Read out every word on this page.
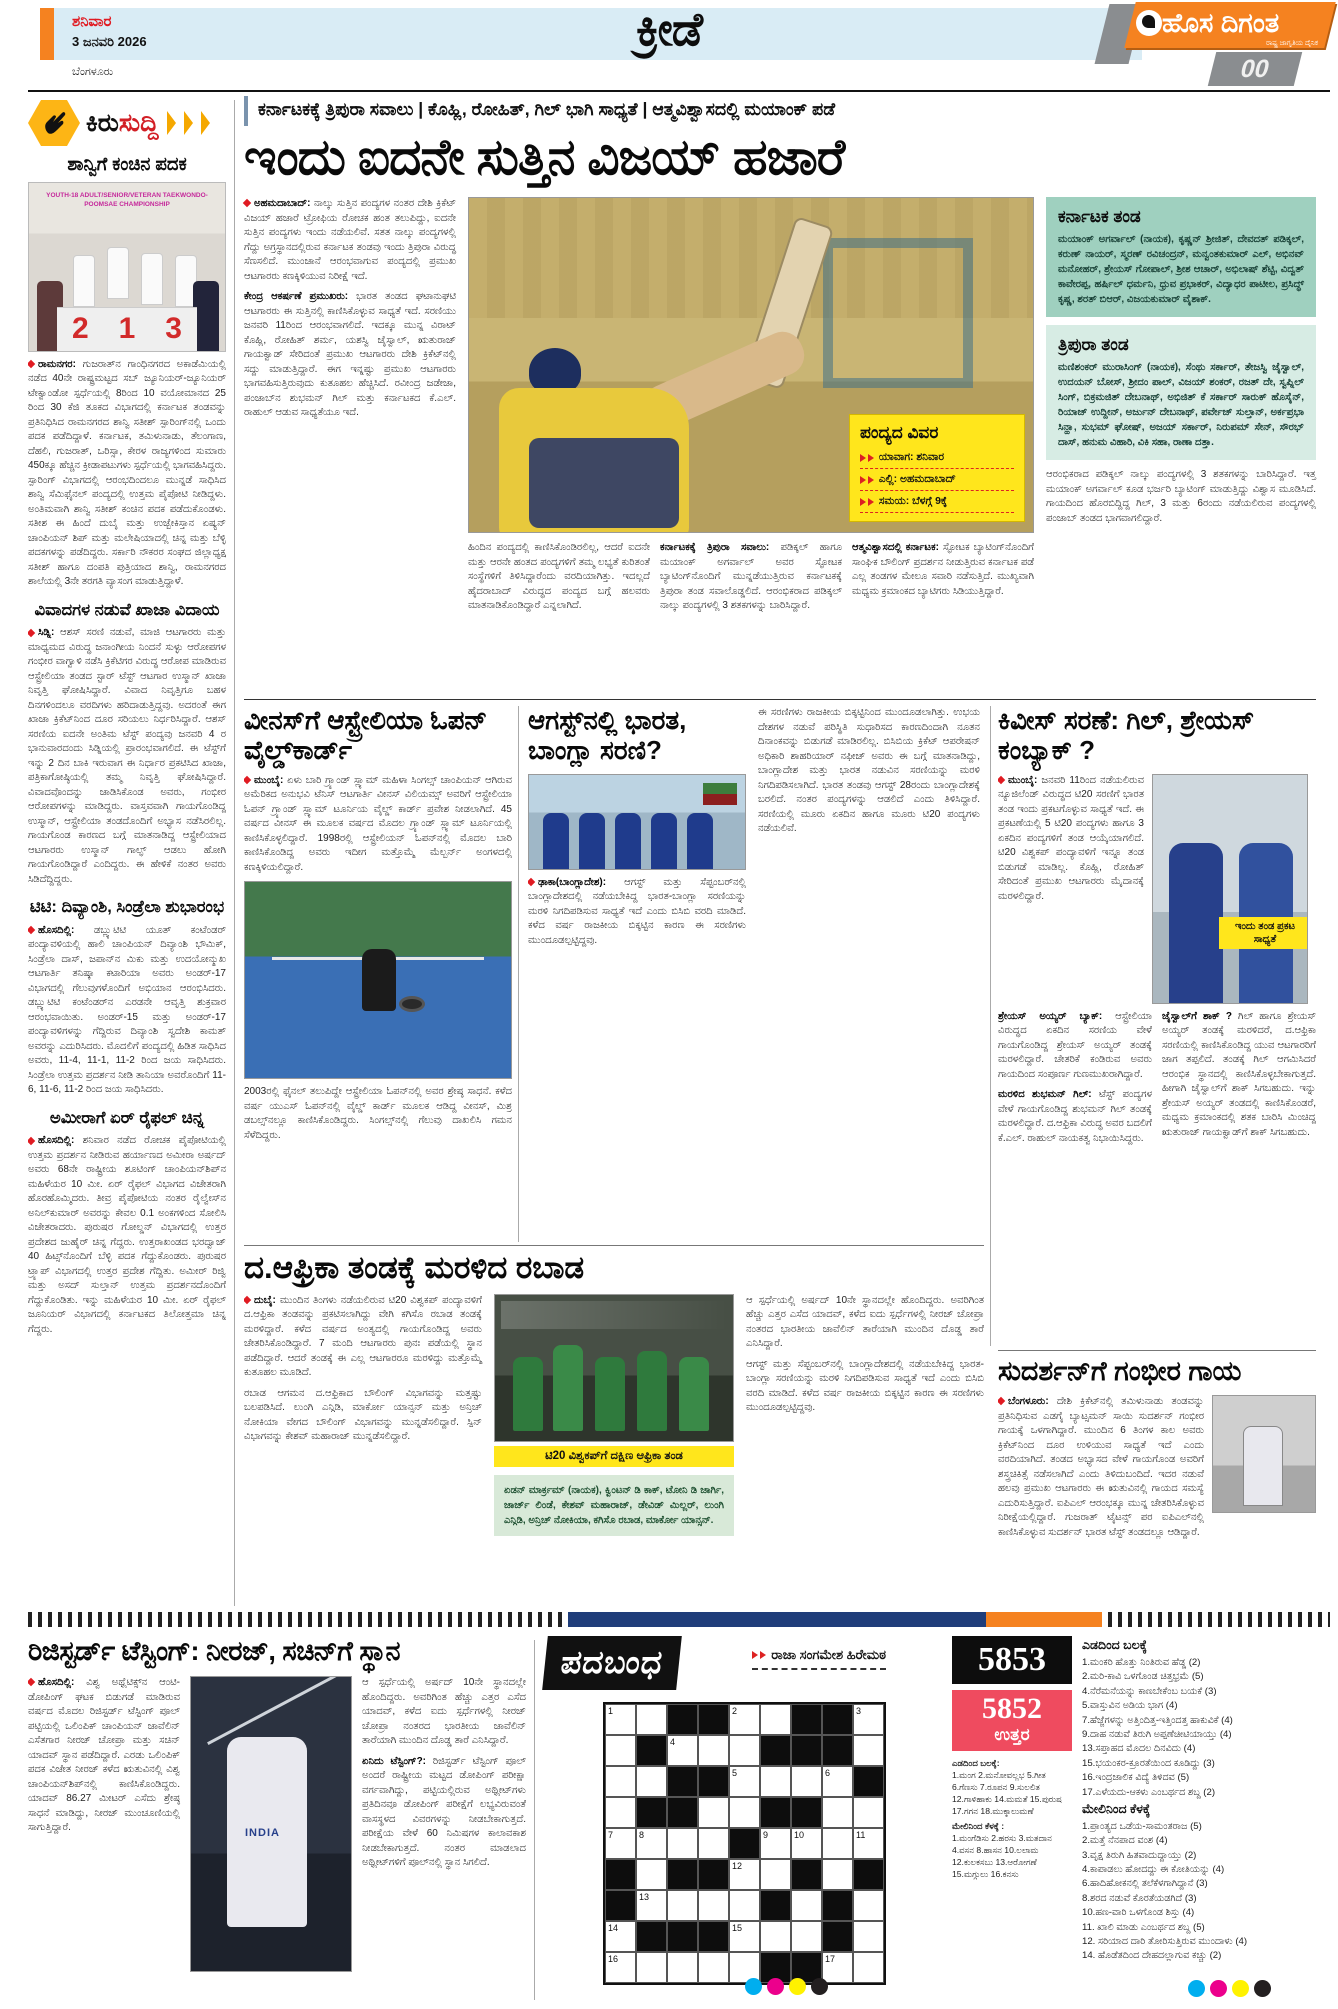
ಶನಿವಾರ
3 ಜನವರಿ 2026
ಬೆಂಗಳೂರು
ಕ್ರೀಡೆ	ಹೊಸ ದಿಗಂತ
ರಾಷ್ಟ್ರ ಜಾಗೃತಿಯ ದೈನಿಕ
00
ಕಿರುಸುದ್ದಿ
ಶಾನ್ವಿಗೆ ಕಂಚಿನ ಪದಕ
YOUTH-18 ADULT/SENIOR/VETERAN TAEKWONDO-POOMSAE CHAMPIONSHIP
2 1 3

ರಾಮನಗರ: ಗುಜರಾತ್‌ನ ಗಾಂಧಿನಗರದ ಅಕಾಡೆಮಿಯಲ್ಲಿ ನಡೆದ 40ನೇ ರಾಷ್ಟ್ರಮಟ್ಟದ ಸಬ್ ಜ್ಯೂನಿಯರ್-ಜ್ಯೂನಿಯರ್ ಟೇಕ್ವಾಂಡೋ ಸ್ಪರ್ಧೆಯಲ್ಲಿ 8ರಿಂದ 10 ವಯೋಮಾನದ 25 ರಿಂದ 30 ಕೆಜಿ ತೂಕದ ವಿಭಾಗದಲ್ಲಿ ಕರ್ನಾಟಕ ತಂಡವನ್ನು ಪ್ರತಿನಿಧಿಸಿದ ರಾಮನಗರದ ಶಾನ್ವಿ ಸತೀಶ್ ಸ್ಪಾರಿಂಗ್‌ನಲ್ಲಿ ಒಂದು ಪದಕ ಪಡೆದಿದ್ದಾಳೆ. ಕರ್ನಾಟಕ, ತಮಿಳುನಾಡು, ತೆಲಂಗಾಣ, ದೆಹಲಿ, ಗುಜರಾತ್, ಒರಿಸ್ಸಾ, ಕೇರಳ ರಾಜ್ಯಗಳಿಂದ ಸುಮಾರು 450ಕ್ಕೂ ಹೆಚ್ಚಿನ ಕ್ರೀಡಾಪಟುಗಳು ಸ್ಪರ್ಧೆಯಲ್ಲಿ ಭಾಗವಹಿಸಿದ್ದರು. ಸ್ಪಾರಿಂಗ್ ವಿಭಾಗದಲ್ಲಿ ಆರಂಭದಿಂದಲೂ ಮುನ್ನಡೆ ಸಾಧಿಸಿದ ಶಾನ್ವಿ ಸೆಮಿಫೈನಲ್ ಪಂದ್ಯದಲ್ಲಿ ಉತ್ತಮ ಪೈಪೋಟಿ ನೀಡಿದ್ದಳು. ಅಂತಿಮವಾಗಿ ಶಾನ್ವಿ ಸತೀಶ್ ಕಂಚಿನ ಪದಕ ಪಡೆದುಕೊಂಡಳು. ಸತೀಶ ಈ ಹಿಂದೆ ದುಬೈ ಮತ್ತು ಉಜ್ಬೇಕಿಸ್ತಾನ ಏಷ್ಯನ್ ಚಾಂಪಿಯನ್ ಶಿಪ್ ಮತ್ತು ಮಲೇಷಿಯಾದಲ್ಲಿ ಚಿನ್ನ ಮತ್ತು ಬೆಳ್ಳಿ ಪದಕಗಳನ್ನು ಪಡೆದಿದ್ದರು. ಸರ್ಕಾರಿ ನೌಕರರ ಸಂಘದ ಜಿಲ್ಲಾಧ್ಯಕ್ಷ ಸತೀಶ್ ಹಾಗೂ ದಂಪತಿ ಪುತ್ರಿಯಾದ ಶಾನ್ವಿ, ರಾಮನಗರದ ಶಾಲೆಯಲ್ಲಿ 3ನೇ ತರಗತಿ ವ್ಯಾಸಂಗ ಮಾಡುತ್ತಿದ್ದಾಳೆ.

ವಿವಾದಗಳ ನಡುವೆ ಖಾಜಾ ವಿದಾಯ

ಸಿಡ್ನಿ: ಆಶಸ್ ಸರಣಿ ನಡುವೆ, ಮಾಜಿ ಆಟಗಾರರು ಮತ್ತು ಮಾಧ್ಯಮದ ವಿರುದ್ಧ ಜನಾಂಗೀಯ ನಿಂದನೆ ಸುಳ್ಳು ಆರೋಪಗಳ ಗಂಭೀರ ವಾಗ್ವಾಳಿ ನಡೆಸಿ ಕ್ರಿಕೆಟಿಗರ ವಿರುದ್ಧ ಆರೋಪ ಮಾಡಿರುವ ಆಸ್ಟ್ರೇಲಿಯಾ ತಂಡದ ಸ್ಟಾರ್ ಟೆಸ್ಟ್ ಆಟಗಾರ ಉಸ್ಮಾನ್ ಖಾಜಾ ನಿವೃತ್ತಿ ಘೋಷಿಸಿದ್ದಾರೆ. ವಿವಾದ ನಿವೃತ್ತಿಗೂ ಬಹಳ ದಿನಗಳಿಂದಲೂ ವರದಿಗಳು ಹರಿದಾಡುತ್ತಿದ್ದವು. ಅದರಂತೆ ಈಗ ಖಾಜಾ ಕ್ರಿಕೆಟ್‌ನಿಂದ ದೂರ ಸರಿಯಲು ನಿರ್ಧರಿಸಿದ್ದಾರೆ. ಆಶಸ್ ಸರಣಿಯ ಐದನೇ ಅಂತಿಮ ಟೆಸ್ಟ್ ಪಂದ್ಯವು ಜನವರಿ 4 ರ ಭಾನುವಾರದಂದು ಸಿಡ್ನಿಯಲ್ಲಿ ಪ್ರಾರಂಭವಾಗಲಿದೆ. ಈ ಟೆಸ್ಟ್‌ಗೆ ಇನ್ನು 2 ದಿನ ಬಾಕಿ ಇರುವಾಗ ಈ ನಿರ್ಧಾರ ಪ್ರಕಟಿಸಿದ ಖಾಜಾ, ಪತ್ರಿಕಾಗೋಷ್ಠಿಯಲ್ಲಿ ತಮ್ಮ ನಿವೃತ್ತಿ ಘೋಷಿಸಿದ್ದಾರೆ. ವಿವಾದವೊಂದನ್ನು ಜಾಡಿಸಿಕೊಂಡ ಅವರು, ಗಂಭೀರ ಆರೋಪಗಳನ್ನು ಮಾಡಿದ್ದರು. ವಾಸ್ತವವಾಗಿ ಗಾಯಗೊಂಡಿದ್ದ ಉಸ್ಮಾನ್, ಆಸ್ಟ್ರೇಲಿಯಾ ತಂಡದೊಂದಿಗೆ ಅಭ್ಯಾಸ ನಡೆಸಿರಲಿಲ್ಲ. ಗಾಯಗೊಂಡ ಕಾರಣದ ಬಗ್ಗೆ ಮಾತನಾಡಿದ್ದ ಆಸ್ಟ್ರೇಲಿಯಾದ ಆಟಗಾರರು ಉಸ್ಮಾನ್ ಗಾಲ್ಫ್ ಆಡಲು ಹೋಗಿ ಗಾಯಗೊಂಡಿದ್ದಾರೆ ಎಂದಿದ್ದರು. ಈ ಹೇಳಿಕೆ ನಂತರ ಅವರು ಸಿಡಿದೆದ್ದಿದ್ದರು.

ಟಿಟಿ: ದಿವ್ಯಾಂಶಿ, ಸಿಂಡ್ರೆಲಾ ಶುಭಾರಂಭ

ಹೊಸದಿಲ್ಲಿ: ಡಬ್ಲ್ಯುಟಿಟಿ ಯೂತ್ ಕಂಟೆಂಡರ್ ಪಂದ್ಯಾವಳಿಯಲ್ಲಿ ಹಾಲಿ ಚಾಂಪಿಯನ್ ದಿವ್ಯಾಂಶಿ ಭೌಮಿಕ್, ಸಿಂಡ್ರೆಲಾ ದಾಸ್, ಜಪಾನ್‌ನ ಮಿಕು ಮತ್ತು ಉದಯೋನ್ಮುಖ ಆಟಗಾರ್ತಿ ತನಿಷ್ಕಾ ಕಟಾರಿಯಾ ಅವರು ಅಂಡರ್-17 ವಿಭಾಗದಲ್ಲಿ ಗೆಲುವುಗಳೊಂದಿಗೆ ಅಭಿಯಾನ ಆರಂಭಿಸಿದರು. ಡಬ್ಲ್ಯುಟಿಟಿ ಕಂಟೆಂಡರ್‌ನ ಎರಡನೇ ಆವೃತ್ತಿ ಶುಕ್ರವಾರ ಆರಂಭವಾಯಿತು. ಅಂಡರ್-15 ಮತ್ತು ಅಂಡರ್-17 ಪಂದ್ಯಾವಳಿಗಳನ್ನು ಗೆದ್ದಿರುವ ದಿವ್ಯಾಂಶಿ ಸ್ವದೇಶಿ ಕಾಮತ್ ಅವರನ್ನು ಎದುರಿಸಿದರು. ಮೊದಲಿಗೆ ಪಂದ್ಯದಲ್ಲಿ ಹಿಡಿತ ಸಾಧಿಸಿದ ಅವರು, 11-4, 11-1, 11-2 ರಿಂದ ಜಯ ಸಾಧಿಸಿದರು. ಸಿಂಡ್ರೆಲಾ ಉತ್ತಮ ಪ್ರದರ್ಶನ ನೀಡಿ ತಾನಿಯಾ ಅವರೊಂದಿಗೆ 11-6, 11-6, 11-2 ರಿಂದ ಜಯ ಸಾಧಿಸಿದರು.

ಅಮೀರಾಗೆ ಏರ್ ರೈಫಲ್ ಚಿನ್ನ

ಹೊಸದಿಲ್ಲಿ: ಶನಿವಾರ ನಡೆದ ರೋಚಕ ಪೈಪೋಟಿಯಲ್ಲಿ ಉತ್ತಮ ಪ್ರದರ್ಶನ ನೀಡಿರುವ ಹರ್ಯಾಣದ ಅಮೀರಾ ಅರ್ಷದ್ ಅವರು 68ನೇ ರಾಷ್ಟ್ರೀಯ ಶೂಟಿಂಗ್ ಚಾಂಪಿಯನ್‌ಶಿಪ್‌ನ ಮಹಿಳೆಯರ 10 ಮೀ. ಏರ್ ರೈಫಲ್ ವಿಭಾಗದ ವಿಜೇತರಾಗಿ ಹೊರಹೊಮ್ಮಿದರು. ತೀವ್ರ ಪೈಪೋಟಿಯ ನಂತರ ರೈಲ್ವೇಸ್‌ನ ಅನಿಲ್‌ಕುಮಾರ್ ಅವರನ್ನು ಕೇವಲ 0.1 ಅಂಕಗಳಿಂದ ಸೋಲಿಸಿ ವಿಜೇತರಾದರು. ಪುರುಷರ ಗೋಲ್ಡನ್ ವಿಭಾಗದಲ್ಲಿ ಉತ್ತರ ಪ್ರದೇಶದ ಜುಹೈರ್ ಚಿನ್ನ ಗೆದ್ದರು. ಉತ್ತರಾಖಂಡದ ಭರದ್ವಾಜ್ 40 ಹಿಟ್ಸ್‌ನೊಂದಿಗೆ ಬೆಳ್ಳಿ ಪದಕ ಗೆದ್ದುಕೊಂಡರು. ಪುರುಷರ ಟ್ರ್ಯಾಪ್ ವಿಭಾಗದಲ್ಲಿ ಉತ್ತರ ಪ್ರದೇಶ ಗೆದ್ದಿತು. ಅಮೀರ್ ರಿಜ್ವಿ ಮತ್ತು ಅಸದ್ ಸುಲ್ತಾನ್ ಉತ್ತಮ ಪ್ರದರ್ಶನದೊಂದಿಗೆ ಗೆದ್ದುಕೊಂಡಿತು. ಇನ್ನು ಮಹಿಳೆಯರ 10 ಮೀ. ಏರ್ ರೈಫಲ್ ಜೂನಿಯರ್ ವಿಭಾಗದಲ್ಲಿ ಕರ್ನಾಟಕದ ತಿಲೋತ್ತಮಾ ಚಿನ್ನ ಗೆದ್ದರು.

ಕರ್ನಾಟಕಕ್ಕೆ ತ್ರಿಪುರಾ ಸವಾಲು | ಕೊಹ್ಲಿ, ರೋಹಿತ್, ಗಿಲ್ ಭಾಗಿ ಸಾಧ್ಯತೆ | ಆತ್ಮವಿಶ್ವಾಸದಲ್ಲಿ ಮಯಾಂಕ್ ಪಡೆ
ಇಂದು ಐದನೇ ಸುತ್ತಿನ ವಿಜಯ್ ಹಜಾರೆ

ಅಹಮದಾಬಾದ್: ನಾಲ್ಕು ಸುತ್ತಿನ ಪಂದ್ಯಗಳ ನಂತರ ದೇಶಿ ಕ್ರಿಕೆಟ್ ವಿಜಯ್ ಹಜಾರೆ ಟ್ರೋಫಿಯ ರೋಚಕ ಹಂತ ತಲುಪಿದ್ದು, ಐದನೇ ಸುತ್ತಿನ ಪಂದ್ಯಗಳು ಇಂದು ನಡೆಯಲಿವೆ. ಸತತ ನಾಲ್ಕು ಪಂದ್ಯಗಳಲ್ಲಿ ಗೆದ್ದು ಅಗ್ರಸ್ಥಾನದಲ್ಲಿರುವ ಕರ್ನಾಟಕ ತಂಡವು ಇಂದು ತ್ರಿಪುರಾ ವಿರುದ್ಧ ಸೆಣಸಲಿದೆ. ಮುಂಜಾನೆ ಆರಂಭವಾಗುವ ಪಂದ್ಯದಲ್ಲಿ ಪ್ರಮುಖ ಆಟಗಾರರು ಕಣಕ್ಕಿಳಿಯುವ ನಿರೀಕ್ಷೆ ಇದೆ.

ಕೇಂದ್ರ ಆಕರ್ಷಣೆ ಪ್ರಮುಖರು: ಭಾರತ ತಂಡದ ಘಟಾನುಘಟಿ ಆಟಗಾರರು ಈ ಸುತ್ತಿನಲ್ಲಿ ಕಾಣಿಸಿಕೊಳ್ಳುವ ಸಾಧ್ಯತೆ ಇದೆ. ಸರಣಿಯು ಜನವರಿ 11ರಿಂದ ಆರಂಭವಾಗಲಿದೆ. ಇದಕ್ಕೂ ಮುನ್ನ ವಿರಾಟ್ ಕೊಹ್ಲಿ, ರೋಹಿತ್ ಶರ್ಮ, ಯಶಸ್ವಿ ಜೈಸ್ವಾಲ್, ಋತುರಾಜ್ ಗಾಯಕ್ವಾಡ್ ಸೇರಿದಂತೆ ಪ್ರಮುಖ ಆಟಗಾರರು ದೇಶಿ ಕ್ರಿಕೆಟ್‌ನಲ್ಲಿ ಸದ್ದು ಮಾಡುತ್ತಿದ್ದಾರೆ. ಈಗ ಇನ್ನಷ್ಟು ಪ್ರಮುಖ ಆಟಗಾರರು ಭಾಗವಹಿಸುತ್ತಿರುವುದು ಕುತೂಹಲ ಹೆಚ್ಚಿಸಿದೆ. ರವೀಂದ್ರ ಜಡೇಜಾ, ಪಂಜಾಬ್‌ನ ಶುಭಮನ್ ಗಿಲ್ ಮತ್ತು ಕರ್ನಾಟಕದ ಕೆ.ಎಲ್. ರಾಹುಲ್ ಆಡುವ ಸಾಧ್ಯತೆಯೂ ಇದೆ.

ಪಂದ್ಯದ ವಿವರ

ಯಾವಾಗ:
ಶನಿವಾರ

ಎಲ್ಲಿ:
ಅಹಮದಾಬಾದ್

ಸಮಯ:
ಬೆಳಗ್ಗೆ 9ಕ್ಕೆ

ಹಿಂದಿನ ಪಂದ್ಯದಲ್ಲಿ ಕಾಣಿಸಿಕೊಂಡಿರಲಿಲ್ಲ, ಆದರೆ ಐದನೇ ಮತ್ತು ಆರನೇ ಹಂತದ ಪಂದ್ಯಗಳಿಗೆ ತಮ್ಮ ಲಭ್ಯತೆ ಕುರಿತಂತೆ ಸಂಸ್ಥೆಗಳಿಗೆ ತಿಳಿಸಿದ್ದಾರೆಂದು ವರದಿಯಾಗಿತ್ತು. ಇದಲ್ಲದೆ ಹೈದರಾಬಾದ್ ವಿರುದ್ಧದ ಪಂದ್ಯದ ಬಗ್ಗೆ ಹಲವರು ಮಾತನಾಡಿಕೊಂಡಿದ್ದಾರೆ ಎನ್ನಲಾಗಿದೆ.

ಕರ್ನಾಟಕಕ್ಕೆ ತ್ರಿಪುರಾ ಸವಾಲು: ಪಡಿಕ್ಕಲ್ ಹಾಗೂ ಮಯಾಂಕ್ ಅಗರ್ವಾಲ್ ಅವರ ಸ್ಫೋಟಕ ಬ್ಯಾಟಿಂಗ್‌ನೊಂದಿಗೆ ಮುನ್ನಡೆಯುತ್ತಿರುವ ಕರ್ನಾಟಕಕ್ಕೆ ತ್ರಿಪುರಾ ತಂಡ ಸವಾಲೊಡ್ಡಲಿದೆ. ಆರಂಭಿಕರಾದ ಪಡಿಕ್ಕಲ್ ನಾಲ್ಕು ಪಂದ್ಯಗಳಲ್ಲಿ 3 ಶತಕಗಳನ್ನು ಬಾರಿಸಿದ್ದಾರೆ.

ಆತ್ಮವಿಶ್ವಾಸದಲ್ಲಿ ಕರ್ನಾಟಕ: ಸ್ಫೋಟಕ ಬ್ಯಾಟಿಂಗ್‌ನೊಂದಿಗೆ ಸಾಂಘಿಕ ಬೌಲಿಂಗ್ ಪ್ರದರ್ಶನ ನೀಡುತ್ತಿರುವ ಕರ್ನಾಟಕ ಪಡೆ ಎಲ್ಲ ತಂಡಗಳ ಮೇಲೂ ಸವಾರಿ ನಡೆಸುತ್ತಿದೆ. ಮುಖ್ಯವಾಗಿ ಮಧ್ಯಮ ಕ್ರಮಾಂಕದ ಬ್ಯಾಟಿಗರು ಸಿಡಿಯುತ್ತಿದ್ದಾರೆ.

ಕರ್ನಾಟಕ ತಂಡ
ಮಯಾಂಕ್ ಅಗರ್ವಾಲ್ (ನಾಯಕ), ಕೃಷ್ಣನ್ ಶ್ರೀಜಿತ್, ದೇವದತ್ ಪಡಿಕ್ಕಲ್, ಕರುಣ್ ನಾಯರ್, ಸ್ಮರಣ್ ರವಿಚಂದ್ರನ್, ಮನ್ವಂತಕುಮಾರ್ ಎಲ್, ಅಭಿನವ್ ಮನೋಹರ್, ಶ್ರೇಯಸ್ ಗೋಪಾಲ್, ಶ್ರೀಶ ಆಚಾರ್, ಅಭಿಲಾಷ್ ಶೆಟ್ಟಿ, ವಿದ್ವತ್ ಕಾವೇರಪ್ಪ, ಹರ್ಷಿಲ್ ಧರ್ಮನಿ, ಧ್ರುವ ಪ್ರಭಾಕರ್, ವಿದ್ಯಾಧರ ಪಾಟೀಲ, ಪ್ರಸಿದ್ಧ್ ಕೃಷ್ಣ, ಶರತ್ ಬಿಆರ್, ವಿಜಯಕುಮಾರ್ ವೈಶಾಕ್.
ತ್ರಿಪುರಾ ತಂಡ
ಮಣಿಶಂಕರ್ ಮುರಾಸಿಂಗ್ (ನಾಯಕ), ಸೆಂಥು ಸರ್ಕಾರ್, ತೇಜಸ್ವಿ ಜೈಸ್ವಾಲ್, ಉದಯನ್ ಬೋಸ್, ಶ್ರೀದಂ ಪಾಲ್, ವಿಜಯ್ ಶಂಕರ್, ರಜತ್ ದೇ, ಸ್ವಪ್ನಿಲ್ ಸಿಂಗ್, ಬಿಕ್ರಮಜಿತ್ ದೇಬನಾಥ್, ಅಭಿಜಿತ್ ಕೆ ಸರ್ಕಾರ್ ಸಾರುಕ್ ಹೊಸೈನ್, ರಿಯಾಜ್ ಉದ್ದೀನ್, ಅರ್ಜುನ್ ದೇಬನಾಥ್, ಪರ್ವೇಜ್ ಸುಲ್ತಾನ್, ಅರ್ಕಪ್ರಭಾ ಸಿನ್ಹಾ, ಸುಭಮ್ ಘೋಷ್, ಅಜಯ್ ಸರ್ಕಾರ್, ನಿರುಪಮ್ ಸೇನ್, ಸೌರಭ್ ದಾಸ್, ಹನುಮ ವಿಹಾರಿ, ವಿಕಿ ಸಹಾ, ರಾಣಾ ದತ್ತಾ.

ಆರಂಭಿಕರಾದ ಪಡಿಕ್ಕಲ್ ನಾಲ್ಕು ಪಂದ್ಯಗಳಲ್ಲಿ 3 ಶತಕಗಳನ್ನು ಬಾರಿಸಿದ್ದಾರೆ. ಇತ್ತ ಮಯಾಂಕ್ ಅಗರ್ವಾಲ್ ಕೂಡ ಭರ್ಜರಿ ಬ್ಯಾಟಿಂಗ್ ಮಾಡುತ್ತಿದ್ದು ವಿಶ್ವಾಸ ಮೂಡಿಸಿದೆ. ಗಾಯದಿಂದ ಹೊರಬಿದ್ದಿದ್ದ ಗಿಲ್, 3 ಮತ್ತು 6ರಂದು ನಡೆಯಲಿರುವ ಪಂದ್ಯಗಳಲ್ಲಿ ಪಂಜಾಬ್ ತಂಡದ ಭಾಗವಾಗಲಿದ್ದಾರೆ.

ವೀನಸ್‌ಗೆ ಆಸ್ಟ್ರೇಲಿಯಾ ಓಪನ್ ವೈಲ್ಡ್‌ಕಾರ್ಡ್

ಮುಂಬೈ: ಏಳು ಬಾರಿ ಗ್ರ್ಯಾಂಡ್ ಸ್ಲ್ಯಾಮ್ ಮಹಿಳಾ ಸಿಂಗಲ್ಸ್ ಚಾಂಪಿಯನ್ ಆಗಿರುವ ಅಮೆರಿಕದ ಅನುಭವಿ ಟೆನಿಸ್ ಆಟಗಾರ್ತಿ ವೀನಸ್ ವಿಲಿಯಮ್ಸ್ ಅವರಿಗೆ ಆಸ್ಟ್ರೇಲಿಯಾ ಓಪನ್ ಗ್ರ್ಯಾಂಡ್ ಸ್ಲ್ಯಾಮ್ ಟೂರ್ನಿಯ ವೈಲ್ಡ್ ಕಾರ್ಡ್ ಪ್ರವೇಶ ನೀಡಲಾಗಿದೆ. 45 ವರ್ಷದ ವೀನಸ್ ಈ ಮೂಲಕ ವರ್ಷದ ಮೊದಲ ಗ್ರ್ಯಾಂಡ್ ಸ್ಲ್ಯಾಮ್ ಟೂರ್ನಿಯಲ್ಲಿ ಕಾಣಿಸಿಕೊಳ್ಳಲಿದ್ದಾರೆ. 1998ರಲ್ಲಿ ಆಸ್ಟ್ರೇಲಿಯನ್ ಓಪನ್‌ನಲ್ಲಿ ಮೊದಲ ಬಾರಿ ಕಾಣಿಸಿಕೊಂಡಿದ್ದ ಅವರು ಇದೀಗ ಮತ್ತೊಮ್ಮೆ ಮೆಲ್ಬರ್ನ್ ಅಂಗಳದಲ್ಲಿ ಕಣಕ್ಕಿಳಿಯಲಿದ್ದಾರೆ.

2003ರಲ್ಲಿ ಫೈನಲ್ ತಲುಪಿದ್ದೇ ಆಸ್ಟ್ರೇಲಿಯಾ ಓಪನ್‌ನಲ್ಲಿ ಅವರ ಶ್ರೇಷ್ಠ ಸಾಧನೆ. ಕಳೆದ ವರ್ಷ ಯುಎಸ್ ಓಪನ್‌ನಲ್ಲಿ ವೈಲ್ಡ್ ಕಾರ್ಡ್ ಮೂಲಕ ಆಡಿದ್ದ ವೀನಸ್, ಮಿಶ್ರ ಡಬಲ್ಸ್‌ನಲ್ಲೂ ಕಾಣಿಸಿಕೊಂಡಿದ್ದರು. ಸಿಂಗಲ್ಸ್‌ನಲ್ಲಿ ಗೆಲುವು ದಾಖಲಿಸಿ ಗಮನ ಸೆಳೆದಿದ್ದರು.

ಆಗಸ್ಟ್‌ನಲ್ಲಿ ಭಾರತ, ಬಾಂಗ್ಲಾ ಸರಣಿ?

ಢಾಕಾ(ಬಾಂಗ್ಲಾದೇಶ): ಆಗಸ್ಟ್ ಮತ್ತು ಸೆಪ್ಟಂಬರ್‌ನಲ್ಲಿ ಬಾಂಗ್ಲಾದೇಶದಲ್ಲಿ ನಡೆಯಬೇಕಿದ್ದ ಭಾರತ-ಬಾಂಗ್ಲಾ ಸರಣಿಯನ್ನು ಮರಳಿ ನಿಗದಿಪಡಿಸುವ ಸಾಧ್ಯತೆ ಇದೆ ಎಂದು ಬಿಸಿಬಿ ವರದಿ ಮಾಡಿದೆ. ಕಳೆದ ವರ್ಷ ರಾಜಕೀಯ ಬಿಕ್ಕಟ್ಟಿನ ಕಾರಣ ಈ ಸರಣಿಗಳು ಮುಂದೂಡಲ್ಪಟ್ಟಿದ್ದವು.

ಈ ಸರಣಿಗಳು ರಾಜಕೀಯ ಬಿಕ್ಕಟ್ಟಿನಿಂದ ಮುಂದೂಡಲಾಗಿತ್ತು. ಉಭಯ ದೇಶಗಳ ನಡುವೆ ಪರಿಸ್ಥಿತಿ ಸುಧಾರಿಸದ ಕಾರಣದಿಂದಾಗಿ ನೂತನ ದಿನಾಂಕವನ್ನು ಬಿಡುಗಡೆ ಮಾಡಿರಲಿಲ್ಲ. ಬಿಸಿಬಿಯ ಕ್ರಿಕೆಟ್ ಆಪರೇಷನ್ ಅಧಿಕಾರಿ ಶಾಹರಿಯಾರ್ ನಫೀಜ್ ಅವರು ಈ ಬಗ್ಗೆ ಮಾತನಾಡಿದ್ದು, ಬಾಂಗ್ಲಾದೇಶ ಮತ್ತು ಭಾರತ ನಡುವಿನ ಸರಣಿಯನ್ನು ಮರಳಿ ನಿಗದಿಪಡಿಸಲಾಗಿದೆ. ಭಾರತ ತಂಡವು ಆಗಸ್ಟ್ 28ರಂದು ಬಾಂಗ್ಲಾದೇಶಕ್ಕೆ ಬರಲಿದೆ. ನಂತರ ಪಂದ್ಯಗಳನ್ನು ಆಡಲಿದೆ ಎಂದು ತಿಳಿಸಿದ್ದಾರೆ. ಸರಣಿಯಲ್ಲಿ ಮೂರು ಏಕದಿನ ಹಾಗೂ ಮೂರು ಟಿ20 ಪಂದ್ಯಗಳು ನಡೆಯಲಿವೆ.

ಕಿವೀಸ್ ಸರಣೆ: ಗಿಲ್, ಶ್ರೇಯಸ್ ಕಂಬ್ಯಾಕ್ ?

ಮುಂಬೈ: ಜನವರಿ 11ರಿಂದ ನಡೆಯಲಿರುವ ನ್ಯೂಜಿಲೆಂಡ್ ವಿರುದ್ಧದ ಟಿ20 ಸರಣಿಗೆ ಭಾರತ ತಂಡ ಇಂದು ಪ್ರಕಟಗೊಳ್ಳುವ ಸಾಧ್ಯತೆ ಇದೆ. ಈ ಪ್ರಕಟಣೆಯಲ್ಲಿ 5 ಟಿ20 ಪಂದ್ಯಗಳು ಹಾಗೂ 3 ಏಕದಿನ ಪಂದ್ಯಗಳಿಗೆ ತಂಡ ಆಯ್ಕೆಯಾಗಲಿದೆ. ಟಿ20 ವಿಶ್ವಕಪ್ ಪಂದ್ಯಾವಳಿಗೆ ಇನ್ನೂ ತಂಡ ಬಿಡುಗಡೆ ಮಾಡಿಲ್ಲ. ಕೊಹ್ಲಿ, ರೋಹಿತ್ ಸೇರಿದಂತೆ ಪ್ರಮುಖ ಆಟಗಾರರು ಮೈದಾನಕ್ಕೆ ಮರಳಲಿದ್ದಾರೆ.

ಇಂದು ತಂಡ ಪ್ರಕಟ ಸಾಧ್ಯತೆ

ಶ್ರೇಯಸ್ ಅಯ್ಯರ್ ಬ್ಯಾಕ್: ಆಸ್ಟ್ರೇಲಿಯಾ ವಿರುದ್ಧದ ಏಕದಿನ ಸರಣಿಯ ವೇಳೆ ಗಾಯಗೊಂಡಿದ್ದ ಶ್ರೇಯಸ್ ಅಯ್ಯರ್ ತಂಡಕ್ಕೆ ಮರಳಲಿದ್ದಾರೆ. ಚೇತರಿಕೆ ಕಂಡಿರುವ ಅವರು ಗಾಯದಿಂದ ಸಂಪೂರ್ಣ ಗುಣಮುಖರಾಗಿದ್ದಾರೆ.

ಮರಳಿದ ಶುಭಮನ್ ಗಿಲ್: ಟೆಸ್ಟ್ ಪಂದ್ಯಗಳ ವೇಳೆ ಗಾಯಗೊಂಡಿದ್ದ ಶುಭಮನ್ ಗಿಲ್ ತಂಡಕ್ಕೆ ಮರಳಲಿದ್ದಾರೆ. ದ.ಆಫ್ರಿಕಾ ವಿರುದ್ಧ ಅವರ ಬದಲಿಗೆ ಕೆ.ಎಲ್. ರಾಹುಲ್ ನಾಯಕತ್ವ ನಿಭಾಯಿಸಿದ್ದರು.

ಜೈಸ್ವಾಲ್‌ಗೆ ಶಾಕ್ ? ಗಿಲ್ ಹಾಗೂ ಶ್ರೇಯಸ್ ಅಯ್ಯರ್ ತಂಡಕ್ಕೆ ಮರಳಿದರೆ, ದ.ಆಫ್ರಿಕಾ ಸರಣಿಯಲ್ಲಿ ಕಾಣಿಸಿಕೊಂಡಿದ್ದ ಯುವ ಆಟಗಾರರಿಗೆ ಜಾಗ ತಪ್ಪಲಿದೆ. ತಂಡಕ್ಕೆ ಗಿಲ್ ಆಗಮಿಸಿದರೆ ಆರಂಭಿಕ ಸ್ಥಾನದಲ್ಲಿ ಕಾಣಿಸಿಕೊಳ್ಳಬೇಕಾಗುತ್ತದೆ. ಹೀಗಾಗಿ ಜೈಸ್ವಾಲ್‌ಗೆ ಶಾಕ್ ಸಿಗಬಹುದು. ಇನ್ನು ಶ್ರೇಯಸ್ ಅಯ್ಯರ್ ತಂಡದಲ್ಲಿ ಕಾಣಿಸಿಕೊಂಡರೆ, ಮಧ್ಯಮ ಕ್ರಮಾಂಕದಲ್ಲಿ ಶತಕ ಬಾರಿಸಿ ಮಿಂಚಿದ್ದ ಋತುರಾಜ್ ಗಾಯಕ್ವಾಡ್‌ಗೆ ಶಾಕ್ ಸಿಗಬಹುದು.

ದ.ಆಫ್ರಿಕಾ ತಂಡಕ್ಕೆ ಮರಳಿದ ರಬಾಡ

ದುಬೈ: ಮುಂದಿನ ತಿಂಗಳು ನಡೆಯಲಿರುವ ಟಿ20 ವಿಶ್ವಕಪ್ ಪಂದ್ಯಾವಳಿಗೆ ದ.ಆಫ್ರಿಕಾ ತಂಡವನ್ನು ಪ್ರಕಟಿಸಲಾಗಿದ್ದು ವೇಗಿ ಕಗಿಸೊ ರಬಾಡ ತಂಡಕ್ಕೆ ಮರಳಿದ್ದಾರೆ. ಕಳೆದ ವರ್ಷದ ಅಂತ್ಯದಲ್ಲಿ ಗಾಯಗೊಂಡಿದ್ದ ಅವರು ಚೇತರಿಸಿಕೊಂಡಿದ್ದಾರೆ. 7 ಮಂದಿ ಆಟಗಾರರು ಪುನಃ ಪಡೆಯಲ್ಲಿ ಸ್ಥಾನ ಪಡೆದಿದ್ದಾರೆ. ಆದರೆ ತಂಡಕ್ಕೆ ಈ ಎಲ್ಲ ಆಟಗಾರರೂ ಮರಳಿದ್ದು ಮತ್ತೊಮ್ಮೆ ಕುತೂಹಲ ಮೂಡಿದೆ.

ರಬಾಡ ಆಗಮನ ದ.ಆಫ್ರಿಕಾದ ಬೌಲಿಂಗ್ ವಿಭಾಗವನ್ನು ಮತ್ತಷ್ಟು ಬಲಪಡಿಸಿದೆ. ಲುಂಗಿ ಎನ್ಗಿಡಿ, ಮಾರ್ಕೋ ಯಾನ್ಸನ್ ಮತ್ತು ಅನ್ರಿಚ್ ನೋಕಿಯಾ ವೇಗದ ಬೌಲಿಂಗ್ ವಿಭಾಗವನ್ನು ಮುನ್ನಡೆಸಲಿದ್ದಾರೆ. ಸ್ಪಿನ್ ವಿಭಾಗವನ್ನು ಕೇಶವ್ ಮಹಾರಾಜ್ ಮುನ್ನಡೆಸಲಿದ್ದಾರೆ.

ಟಿ20 ವಿಶ್ವಕಪ್‌ಗೆ ದಕ್ಷಿಣ ಆಫ್ರಿಕಾ ತಂಡ
ಏಡನ್ ಮಾರ್ಕ್ರಮ್ (ನಾಯಕ), ಕ್ವಿಂಟನ್ ಡಿ ಕಾಕ್, ಟೋನಿ ಡಿ ಜಾರ್ಗಿ, ಜಾರ್ಜ್ ಲಿಂಡೆ, ಕೇಶವ್ ಮಹಾರಾಜ್, ಡೇವಿಡ್ ಮಿಲ್ಲರ್, ಲುಂಗಿ ಎನ್ಗಿಡಿ, ಅನ್ರಿಚ್ ನೋಕಿಯಾ, ಕಗಿಸೊ ರಬಾಡ, ಮಾರ್ಕೋ ಯಾನ್ಸನ್.

ಆ ಸ್ಪರ್ಧೆಯಲ್ಲಿ ಅರ್ಷದ್ 10ನೇ ಸ್ಥಾನದಲ್ಲೇ ಹೊಂದಿದ್ದರು. ಅವರಿಗಿಂತ ಹೆಚ್ಚು ಎತ್ತರ ಎಸೆದ ಯಾದವ್, ಕಳೆದ ಐದು ಸ್ಪರ್ಧೆಗಳಲ್ಲಿ ನೀರಜ್ ಚೋಪ್ರಾ ನಂತರದ ಭಾರತೀಯ ಜಾವೆಲಿನ್ ತಾರೆಯಾಗಿ ಮುಂದಿನ ದೊಡ್ಡ ತಾರೆ ಎನಿಸಿದ್ದಾರೆ.

ಆಗಸ್ಟ್ ಮತ್ತು ಸೆಪ್ಟಂಬರ್‌ನಲ್ಲಿ ಬಾಂಗ್ಲಾದೇಶದಲ್ಲಿ ನಡೆಯಬೇಕಿದ್ದ ಭಾರತ-ಬಾಂಗ್ಲಾ ಸರಣಿಯನ್ನು ಮರಳಿ ನಿಗದಿಪಡಿಸುವ ಸಾಧ್ಯತೆ ಇದೆ ಎಂದು ಬಿಸಿಬಿ ವರದಿ ಮಾಡಿದೆ. ಕಳೆದ ವರ್ಷ ರಾಜಕೀಯ ಬಿಕ್ಕಟ್ಟಿನ ಕಾರಣ ಈ ಸರಣಿಗಳು ಮುಂದೂಡಲ್ಪಟ್ಟಿದ್ದವು.

ಸುದರ್ಶನ್‌ಗೆ ಗಂಭೀರ ಗಾಯ

ಬೆಂಗಳೂರು: ದೇಶಿ ಕ್ರಿಕೆಟ್‌ನಲ್ಲಿ ತಮಿಳುನಾಡು ತಂಡವನ್ನು ಪ್ರತಿನಿಧಿಸುವ ಎಡಗೈ ಬ್ಯಾಟ್ಸಮನ್ ಸಾಯಿ ಸುದರ್ಶನ್ ಗಂಭೀರ ಗಾಯಕ್ಕೆ ಒಳಗಾಗಿದ್ದಾರೆ. ಮುಂದಿನ 6 ತಿಂಗಳ ಕಾಲ ಅವರು ಕ್ರಿಕೆಟ್‌ನಿಂದ ದೂರ ಉಳಿಯುವ ಸಾಧ್ಯತೆ ಇದೆ ಎಂದು ವರದಿಯಾಗಿದೆ. ತಂಡದ ಅಭ್ಯಾಸದ ವೇಳೆ ಗಾಯಗೊಂಡ ಅವರಿಗೆ ಶಸ್ತ್ರಚಿಕಿತ್ಸೆ ನಡೆಸಲಾಗಿದೆ ಎಂದು ತಿಳಿದುಬಂದಿದೆ. ಇದರ ನಡುವೆ ಹಲವು ಪ್ರಮುಖ ಆಟಗಾರರು ಈ ಋತುವಿನಲ್ಲಿ ಗಾಯದ ಸಮಸ್ಯೆ ಎದುರಿಸುತ್ತಿದ್ದಾರೆ. ಐಪಿಎಲ್ ಆರಂಭಕ್ಕೂ ಮುನ್ನ ಚೇತರಿಸಿಕೊಳ್ಳುವ ನಿರೀಕ್ಷೆಯಲ್ಲಿದ್ದಾರೆ. ಗುಜರಾತ್ ಟೈಟನ್ಸ್ ಪರ ಐಪಿಎಲ್‌ನಲ್ಲಿ ಕಾಣಿಸಿಕೊಳ್ಳುವ ಸುದರ್ಶನ್ ಭಾರತ ಟೆಸ್ಟ್ ತಂಡದಲ್ಲೂ ಆಡಿದ್ದಾರೆ.

ರಿಜಿಸ್ಟರ್ಡ್ ಟೆಸ್ಟಿಂಗ್: ನೀರಜ್, ಸಚಿನ್‌ಗೆ ಸ್ಥಾನ

ಹೊಸದಿಲ್ಲಿ: ವಿಶ್ವ ಅಥ್ಲೆಟಿಕ್ಸ್‌ನ ಆಂಟಿ-ಡೋಪಿಂಗ್ ಘಟಕ ಬಿಡುಗಡೆ ಮಾಡಿರುವ ವರ್ಷದ ಮೊದಲ ರಿಜಿಸ್ಟರ್ಡ್ ಟೆಸ್ಟಿಂಗ್ ಪೂಲ್ ಪಟ್ಟಿಯಲ್ಲಿ ಒಲಿಂಪಿಕ್ ಚಾಂಪಿಯನ್ ಜಾವೆಲಿನ್ ಎಸೆತಗಾರ ನೀರಜ್ ಚೋಪ್ರಾ ಮತ್ತು ಸಚಿನ್ ಯಾದವ್ ಸ್ಥಾನ ಪಡೆದಿದ್ದಾರೆ. ಎರಡು ಒಲಿಂಪಿಕ್ ಪದಕ ವಿಜೇತ ನೀರಜ್ ಕಳೆದ ಋತುವಿನಲ್ಲಿ ವಿಶ್ವ ಚಾಂಪಿಯನ್‌ಶಿಪ್‌ನಲ್ಲಿ ಕಾಣಿಸಿಕೊಂಡಿದ್ದರು. ಯಾದವ್ 86.27 ಮೀಟರ್ ಎಸೆದು ಶ್ರೇಷ್ಠ ಸಾಧನೆ ಮಾಡಿದ್ದು, ನೀರಜ್ ಮುಂಚೂಣಿಯಲ್ಲಿ ಸಾಗುತ್ತಿದ್ದಾರೆ.	INDIA

ಆ ಸ್ಪರ್ಧೆಯಲ್ಲಿ ಅರ್ಷದ್ 10ನೇ ಸ್ಥಾನದಲ್ಲೇ ಹೊಂದಿದ್ದರು. ಅವರಿಗಿಂತ ಹೆಚ್ಚು ಎತ್ತರ ಎಸೆದ ಯಾದವ್, ಕಳೆದ ಐದು ಸ್ಪರ್ಧೆಗಳಲ್ಲಿ ನೀರಜ್ ಚೋಪ್ರಾ ನಂತರದ ಭಾರತೀಯ ಜಾವೆಲಿನ್ ತಾರೆಯಾಗಿ ಮುಂದಿನ ದೊಡ್ಡ ತಾರೆ ಎನಿಸಿದ್ದಾರೆ.

ಏನಿದು ಟೆಸ್ಟಿಂಗ್?: ರಿಜಿಸ್ಟರ್ಡ್ ಟೆಸ್ಟಿಂಗ್ ಪೂಲ್ ಅಂದರೆ ರಾಷ್ಟ್ರೀಯ ಮಟ್ಟದ ಡೋಪಿಂಗ್ ಪರೀಕ್ಷಾ ವರ್ಗವಾಗಿದ್ದು, ಪಟ್ಟಿಯಲ್ಲಿರುವ ಅಥ್ಲೀಟ್‌ಗಳು ಪ್ರತಿದಿನವೂ ಡೋಪಿಂಗ್ ಪರೀಕ್ಷೆಗೆ ಲಭ್ಯವಿರುವಂತೆ ವಾಸಸ್ಥಳದ ವಿವರಗಳನ್ನು ನೀಡಬೇಕಾಗುತ್ತದೆ. ಪರೀಕ್ಷೆಯ ವೇಳೆ 60 ನಿಮಿಷಗಳ ಕಾಲಾವಕಾಶ ನೀಡಬೇಕಾಗುತ್ತದೆ. ನಂತರ ಮಾಡಲಾದ ಅಥ್ಲೀಟ್‌ಗಳಿಗೆ ಪೂಲ್‌ನಲ್ಲಿ ಸ್ಥಾನ ಸಿಗಲಿದೆ.

ಪದಬಂಧ	ರಾಜಾ ಸಂಗಮೇಶ ಹಿರೇಮಠ
1	2	3
4
5	6
7	8	9	10	11
12
13
14	15
16	17
5853
5852
ಉತ್ತರ
ಎಡದಿಂದ ಬಲಕ್ಕೆ:
1.ಮಂಗ 2.ಮನೋವಲ್ಲಭ 5.ಗೀತ 6.ಗೆಣಸು 7.ರೂಪನ 9.ಸುಲಲಿತ 12.ಗಾಳಿಹಾಕು 14.ಮಮತೆ 15.ಪುರುಷ 17.ಗಗನ 18.ಮುಕ್ಕಾಲುಮಣೆ
ಮೇಲಿನಿಂದ ಕೆಳಕ್ಕೆ :
1.ಮಂಗೆಡಿಸು 2.ಹರಸು 3.ಮತದಾನ 4.ವಸನ 8.ಹಾಸನ 10.ಲಲಾಮ 12.ಕುಲಕಸಬು 13.ಆರೋಗಣೆ 15.ಮಗ್ಗುಲು 16.ಕನಸು
ಎಡದಿಂದ ಬಲಕ್ಕೆ
1.ಮಂಕರಿ ಹೊತ್ತು ನಿಂತಿರುವ ಹೆಡ್ಡ (2)
2.ಮರಿ-ಕಾವಿ ಒಳಗೊಂಡ ಚಿತ್ತಭ್ರಮೆ (5)
4.ನೆರೆಮನೆಯನ್ನು ಕಾಣಬೇಕೆಂಬ ಬಯಕೆ (3)
5.ವಾಸ್ತುವಿನ ಅಡಿಯ ಭಾಗ (4)
7.ಹೆಜ್ಜೆಗಳನ್ನು ಅತ್ತಿಂದಿತ್ತ-ಇತ್ತಿಂದತ್ತ ಹಾಕುವಿಕೆ (4)
9.ದಾಹ ನಡುವೆ ತಿರುಗಿ ಅಪ್ಪಣೆಚೀಟಿಯಾಯ್ತು (4)
13.ಸಪ್ತಾಹದ ಮೊದಲ ದಿನವಿದು (4)
15.ಭಯಂಕರ-ಕ್ರೂರತೆಯಿಂದ ಕೂಡಿದ್ದು (3)
16.ಇಂದ್ರಜಾಲಿಕ ವಿದ್ಯೆ ತಿಳಿದವ (5)
17.ಎಳೆಯದು-ಆಕಳು ಎಂಬರ್ಥದ ಶಬ್ದ (2)
ಮೇಲಿನಿಂದ ಕೆಳಕ್ಕೆ
1.ಪ್ರಾಂತ್ಯದ ಒಡೆಯ-ಸಾಮಂತರಾಜ (5)
2.ಮತ್ತೆ ನೆನಪಾದ ವಂಶ (4)
3.ವೃಕ್ಷ ತಿರುಗಿ ಹಿತವಾದುದ್ದಾಯ್ತು (2)
4.ಕಾಪಾಡಲು ಹೋದದ್ದು ಈ ಕೋತಿಯನ್ನು (4)
6.ಹಾದಿಹೋಕನಲ್ಲಿ ತಲೆಕೆಳಗಾಗಿದ್ದಾನೆ (3)
8.ಶರದ ನಡುವೆ ಕೊರತೆಯಡಗಿದೆ (3)
10.ಹಣ-ವಾರಿ ಒಳಗೊಂಡ ಶಿಸ್ತು (4)
11. ಖಾಲಿ ಮಾಡು ಎಂಬರ್ಥದ ಶಬ್ದ (5)
12. ಸರಿಯಾದ ದಾರಿ ತೋರಿಸುತ್ತಿರುವ ಮುಂದಾಳು (4)
14. ಹೊಡೆತದಿಂದ ದೇಹದಲ್ಲಾಗುವ ಕಚ್ಚು (2)
